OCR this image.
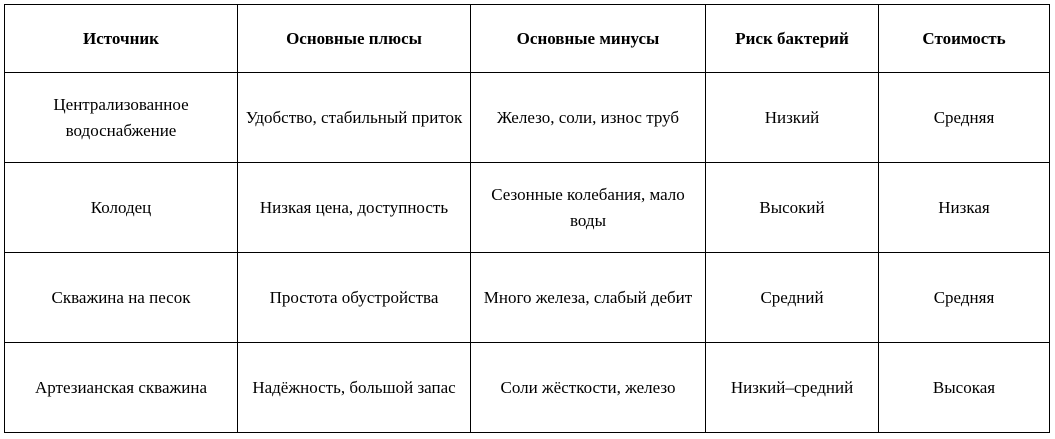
Источник	Основные плюсы	Основные минусы	Риск бактерий	Стоимость
Централизованное водоснабжение	Удобство, стабильный приток	Железо, соли, износ труб	Низкий	Средняя
Колодец	Низкая цена, доступность	Сезонные колебания, мало воды	Высокий	Низкая
Скважина на песок	Простота обустройства	Много железа, слабый дебит	Средний	Средняя
Артезианская скважина	Надёжность, большой запас	Соли жёсткости, железо	Низкий–средний	Высокая
